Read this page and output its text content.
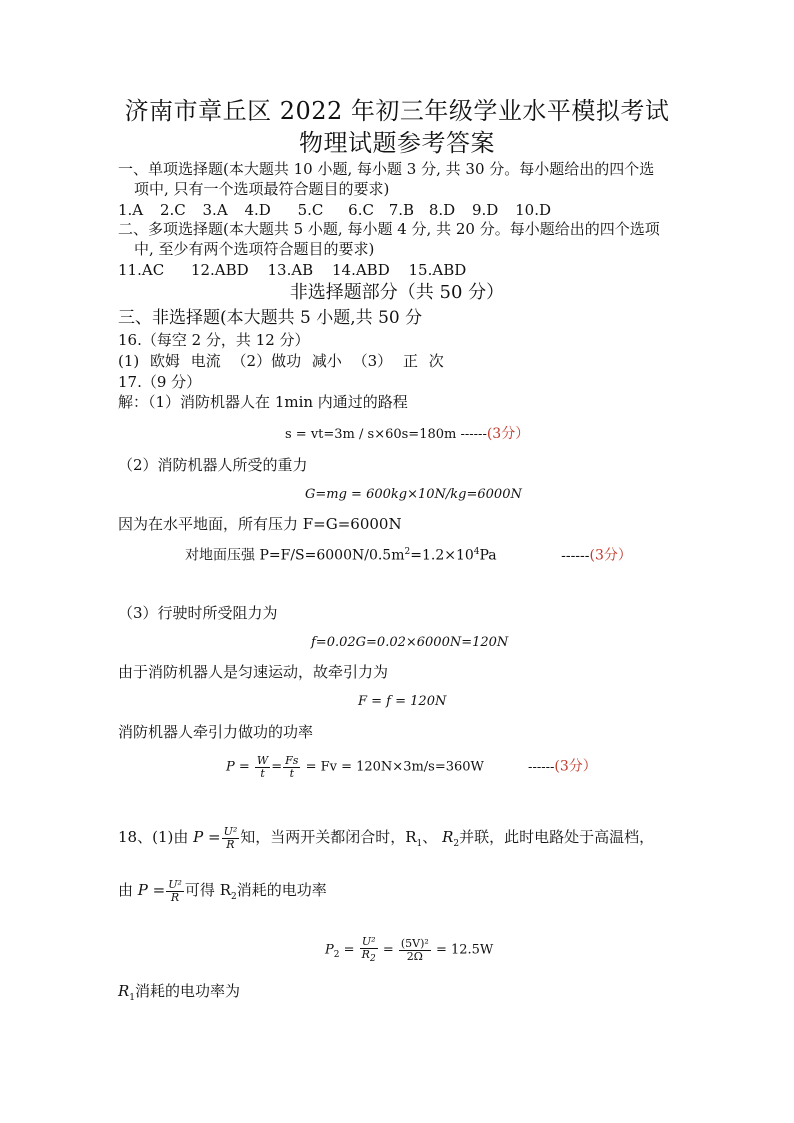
济南市章丘区 2022 年初三年级学业水平模拟考试
物理试题参考答案
一、单项选择题(本大题共 10 小题, 每小题 3 分, 共 30 分。每小题给出的四个选
项中, 只有一个选项最符合题目的要求)
1.A 2.C 3.A 4.D 5.C 6.C 7.B 8.D 9.D 10.D
二、多项选择题(本大题共 5 小题, 每小题 4 分, 共 20 分。每小题给出的四个选项
中, 至少有两个选项符合题目的要求)
11.AC 12.ABD 13.AB 14.ABD 15.ABD
非选择题部分（共 50 分）
三、非选择题(本大题共 5 小题,共 50 分
16.（每空 2 分，共 12 分）
(1) 欧姆 电流 （2）做功 减小 （3） 正 次
17.（9 分）
解：（1）消防机器人在 1min 内通过的路程
s = vt=3m / s×60s=180m ------(3分）
（2）消防机器人所受的重力
G=mg = 600kg×10N/kg=6000N
因为在水平地面，所有压力 F=G=6000N
对地面压强 $P=F/S=6000N/0.5m^2=1.2\times 10^4Pa$	------(3分）
（3）行驶时所受阻力为
f=0.02G=0.02×6000N=120N
由于消防机器人是匀速运动，故牵引力为
F = f = 120N
消防机器人牵引力做功的功率
$P = \frac{W}{t} = \frac{Fs}{t} = Fv = 120N\times 3m/s=360W$	------(3分）
18、(1)由 $P = \frac{\text{U²}}{R}$ 知，当两开关都闭合时，$R_1$、 $R_2$并联，此时电路处于高温档，
由 $P = \frac{\text{U²}}{R}$ 可得 $R_2$消耗的电功率
$P_2 = \frac{\text{U²}}{R_2} = \frac{\text{(5V)²}}{2\Omega} = 12.5W$
$R_1$消耗的电功率为
